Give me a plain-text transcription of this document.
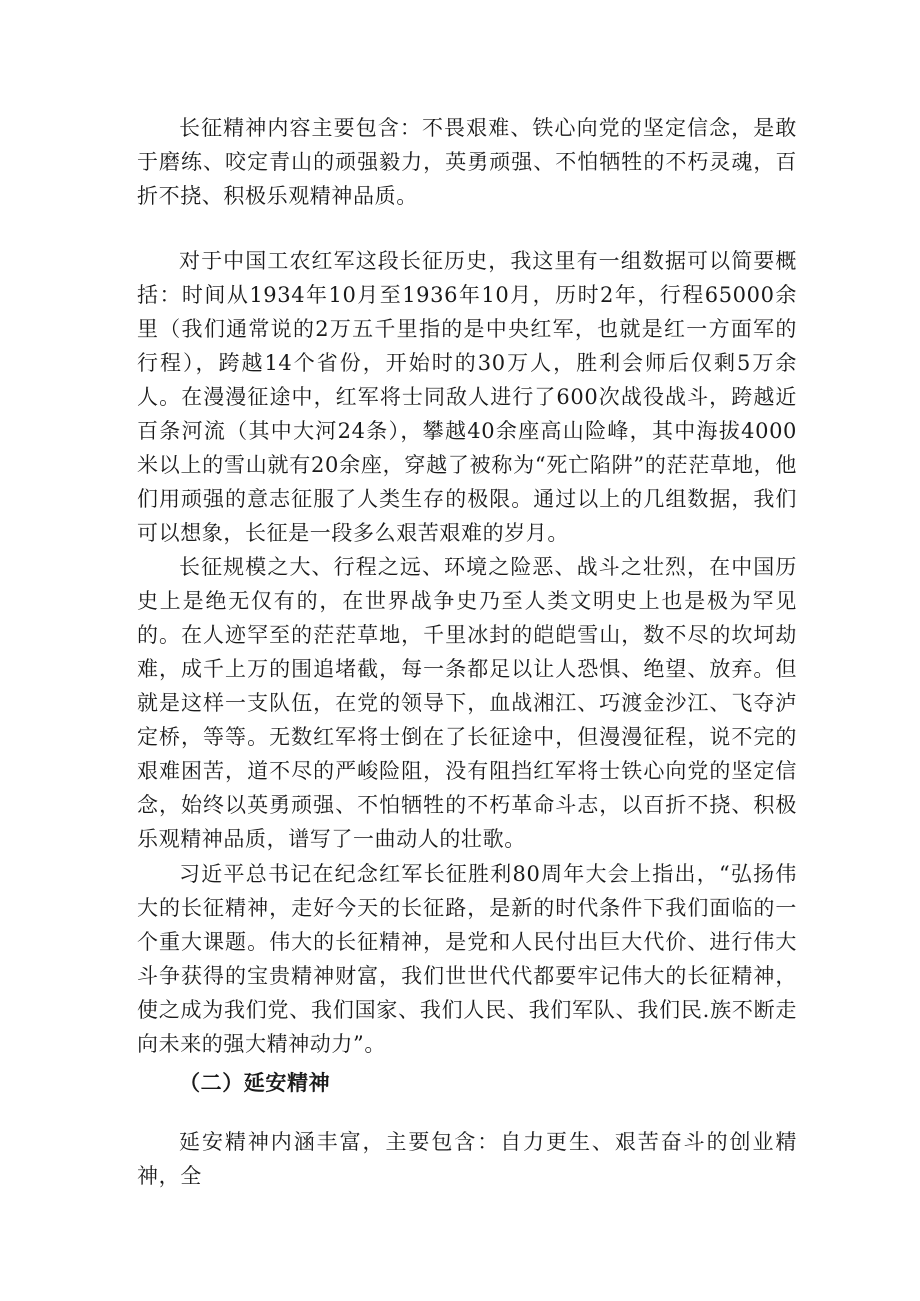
长征精神内容主要包含：不畏艰难、铁心向党的坚定信念，是敢于磨练、咬定青山的顽强毅力，英勇顽强、不怕牺牲的不朽灵魂，百折不挠、积极乐观精神品质。

对于中国工农红军这段长征历史，我这里有一组数据可以简要概括：时间从1934年10月至1936年10月，历时2年，行程65000余里（我们通常说的2万五千里指的是中央红军，也就是红一方面军的行程），跨越14个省份，开始时的30万人，胜利会师后仅剩5万余人。在漫漫征途中，红军将士同敌人进行了600次战役战斗，跨越近百条河流（其中大河24条），攀越40余座高山险峰，其中海拔4000米以上的雪山就有20余座，穿越了被称为“死亡陷阱”的茫茫草地，他们用顽强的意志征服了人类生存的极限。通过以上的几组数据，我们可以想象，长征是一段多么艰苦艰难的岁月。

长征规模之大、行程之远、环境之险恶、战斗之壮烈，在中国历史上是绝无仅有的，在世界战争史乃至人类文明史上也是极为罕见的。在人迹罕至的茫茫草地，千里冰封的皑皑雪山，数不尽的坎坷劫难，成千上万的围追堵截，每一条都足以让人恐惧、绝望、放弃。但就是这样一支队伍，在党的领导下，血战湘江、巧渡金沙江、飞夺泸定桥，等等。无数红军将士倒在了长征途中，但漫漫征程，说不完的艰难困苦，道不尽的严峻险阻，没有阻挡红军将士铁心向党的坚定信念，始终以英勇顽强、不怕牺牲的不朽革命斗志，以百折不挠、积极乐观精神品质，谱写了一曲动人的壮歌。

习近平总书记在纪念红军长征胜利80周年大会上指出，“弘扬伟大的长征精神，走好今天的长征路，是新的时代条件下我们面临的一个重大课题。伟大的长征精神，是党和人民付出巨大代价、进行伟大斗争获得的宝贵精神财富，我们世世代代都要牢记伟大的长征精神，使之成为我们党、我们国家、我们人民、我们军队、我们民.族不断走向未来的强大精神动力”。

（二）延安精神

延安精神内涵丰富，主要包含：自力更生、艰苦奋斗的创业精神，全
